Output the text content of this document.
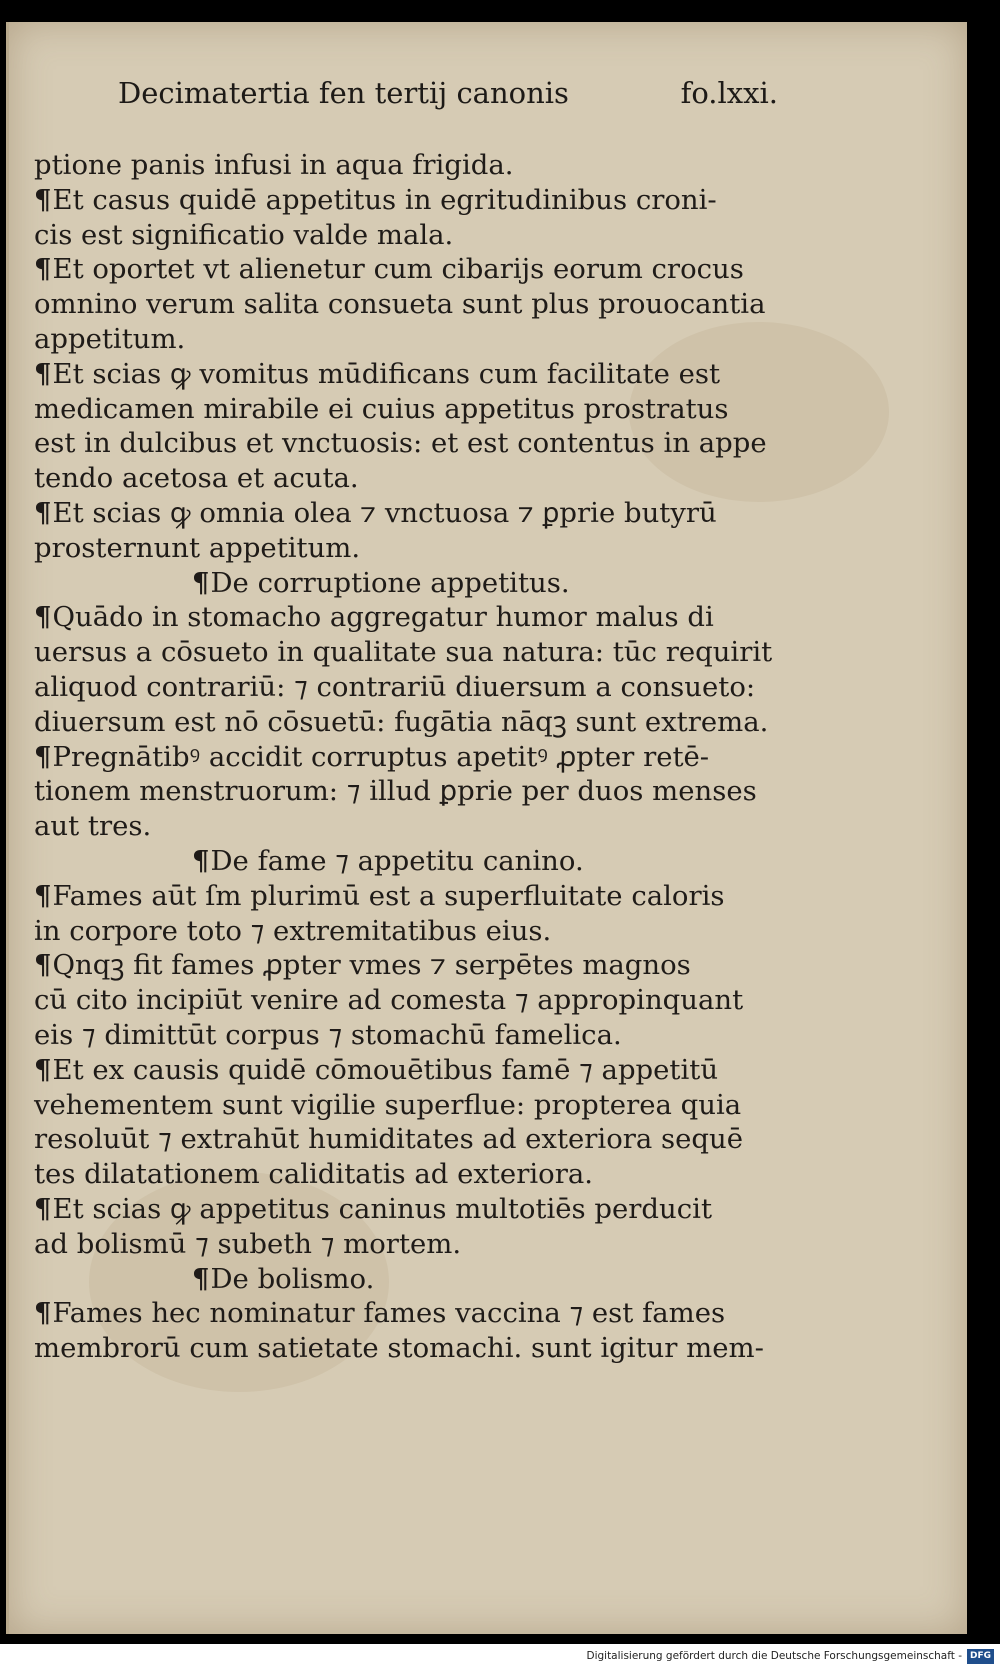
Decimatertia fen tertij canonis	fo.lxxi.
ptione panis infusi in aqua frigida.
¶Et casus quidē appetitus in egritudinibus croni-
cis est significatio valde mala.
¶Et oportet vt alienetur cum cibarijs eorum crocus
omnino verum salita consueta sunt plus prouocantia
appetitum.
¶Et scias ꝙ vomitus mūdificans cum facilitate est
medicamen mirabile ei cuius appetitus prostratus
est in dulcibus et vnctuosis: et est contentus in appe
tendo acetosa et acuta.
¶Et scias ꝙ omnia olea ⁊ vnctuosa ⁊ ꝑprie butyrū
prosternunt appetitum.
¶De corruptione appetitus.
¶Quādo in stomacho aggregatur humor malus di
uersus a cōsueto in qualitate sua natura: tūc requirit
aliquod contrariū: ⁊ contrariū diuersum a consueto:
diuersum est nō cōsuetū: fugātia nāqꝫ sunt extrema.
¶Pregnātibꝰ accidit corruptus apetitꝰ ꝓpter retē-
tionem menstruorum: ⁊ illud ꝑprie per duos menses
aut tres.
¶De fame ⁊ appetitu canino.
¶Fames aūt ſm plurimū est a superfluitate caloris
in corpore toto ⁊ extremitatibus eius.
¶Qnqꝫ fit fames ꝓpter vmes ⁊ serpētes magnos
cū cito incipiūt venire ad comesta ⁊ appropinquant
eis ⁊ dimittūt corpus ⁊ stomachū famelica.
¶Et ex causis quidē cōmouētibus famē ⁊ appetitū
vehementem sunt vigilie superflue: propterea quia
resoluūt ⁊ extrahūt humiditates ad exteriora sequē
tes dilatationem caliditatis ad exteriora.
¶Et scias ꝙ appetitus caninus multotiēs perducit
ad bolismū ⁊ subeth ⁊ mortem.
¶De bolismo.
¶Fames hec nominatur fames vaccina ⁊ est fames
membrorū cum satietate stomachi. sunt igitur mem-
Digitalisierung gefördert durch die Deutsche Forschungsgemeinschaft - DFG
